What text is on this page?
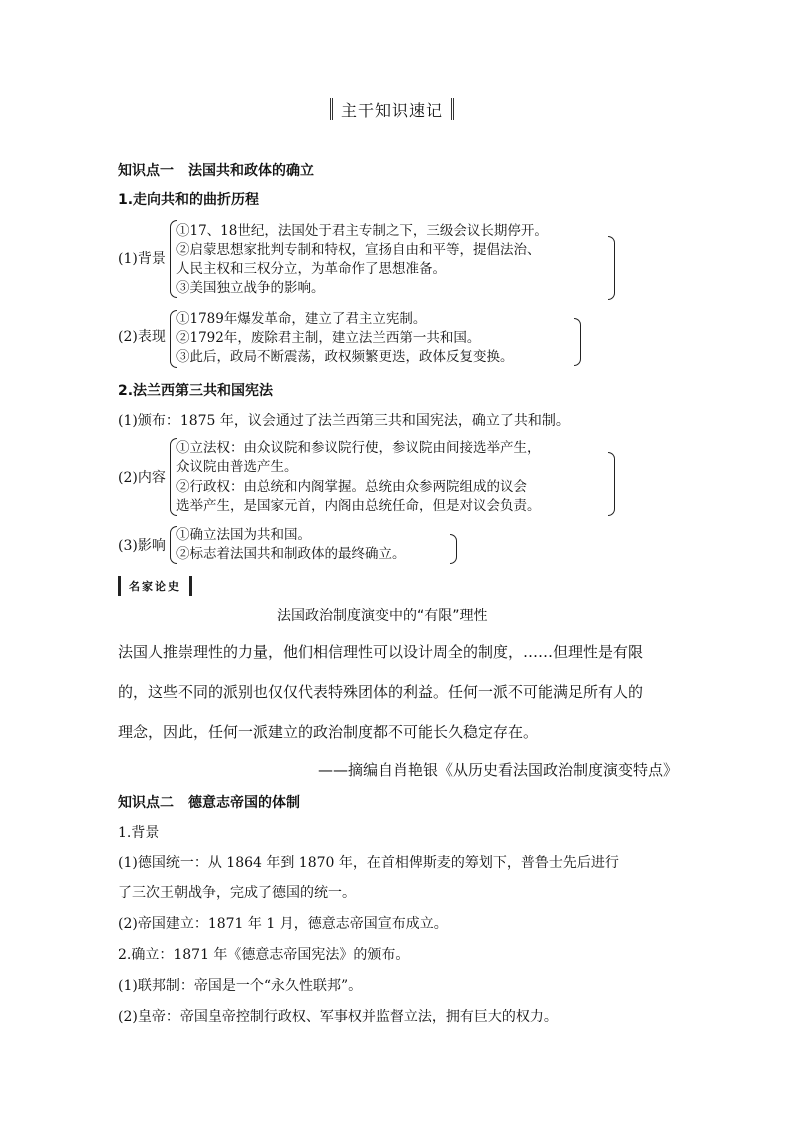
主干知识速记
知识点一　法国共和政体的确立
1.走向共和的曲折历程
(1)背景
①17、18世纪，法国处于君主专制之下，三级会议长期停开。
②启蒙思想家批判专制和特权，宣扬自由和平等，提倡法治、
人民主权和三权分立，为革命作了思想准备。
③美国独立战争的影响。
(2)表现
①1789年爆发革命，建立了君主立宪制。
②1792年，废除君主制，建立法兰西第一共和国。
③此后，政局不断震荡，政权频繁更迭，政体反复变换。
2.法兰西第三共和国宪法
(1)颁布：1875 年，议会通过了法兰西第三共和国宪法，确立了共和制。
(2)内容
①立法权：由众议院和参议院行使，参议院由间接选举产生，
众议院由普选产生。
②行政权：由总统和内阁掌握。总统由众参两院组成的议会
选举产生，是国家元首，内阁由总统任命，但是对议会负责。
(3)影响
①确立法国为共和国。
②标志着法国共和制政体的最终确立。
名家论史
法国政治制度演变中的“有限”理性
法国人推崇理性的力量，他们相信理性可以设计周全的制度，……但理性是有限
的，这些不同的派别也仅仅代表特殊团体的利益。任何一派不可能满足所有人的
理念，因此，任何一派建立的政治制度都不可能长久稳定存在。
——摘编自肖艳银《从历史看法国政治制度演变特点》
知识点二　德意志帝国的体制
1.背景
(1)德国统一：从 1864 年到 1870 年，在首相俾斯麦的筹划下，普鲁士先后进行
了三次王朝战争，完成了德国的统一。
(2)帝国建立：1871 年 1 月，德意志帝国宣布成立。
2.确立：1871 年《德意志帝国宪法》的颁布。
(1)联邦制：帝国是一个“永久性联邦”。
(2)皇帝：帝国皇帝控制行政权、军事权并监督立法，拥有巨大的权力。
